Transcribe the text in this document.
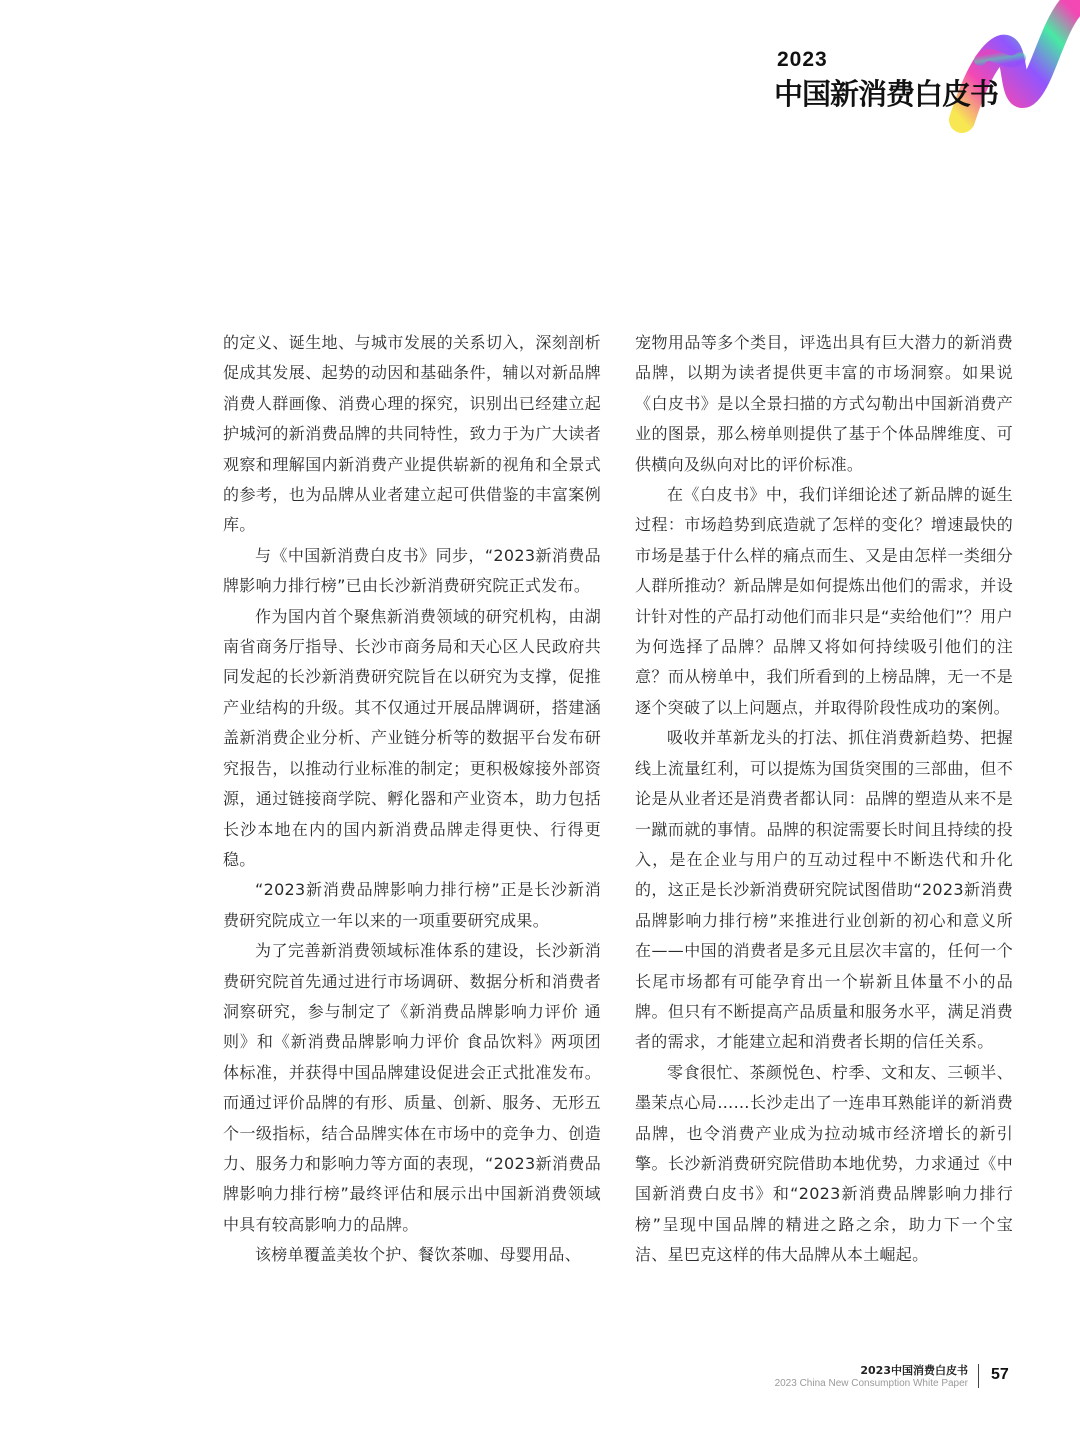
2023
中国新消费白皮书

的定义、诞生地、与城市发展的关系切入，深刻剖析促成其发展、起势的动因和基础条件，辅以对新品牌消费人群画像、消费心理的探究，识别出已经建立起护城河的新消费品牌的共同特性，致力于为广大读者观察和理解国内新消费产业提供崭新的视角和全景式的参考，也为品牌从业者建立起可供借鉴的丰富案例库。

与《中国新消费白皮书》同步，“2023新消费品牌影响力排行榜”已由长沙新消费研究院正式发布。

作为国内首个聚焦新消费领域的研究机构，由湖南省商务厅指导、长沙市商务局和天心区人民政府共同发起的长沙新消费研究院旨在以研究为支撑，促推产业结构的升级。其不仅通过开展品牌调研，搭建涵盖新消费企业分析、产业链分析等的数据平台发布研究报告，以推动行业标准的制定；更积极嫁接外部资源，通过链接商学院、孵化器和产业资本，助力包括长沙本地在内的国内新消费品牌走得更快、行得更稳。

“2023新消费品牌影响力排行榜”正是长沙新消费研究院成立一年以来的一项重要研究成果。

为了完善新消费领域标准体系的建设，长沙新消费研究院首先通过进行市场调研、数据分析和消费者洞察研究，参与制定了《新消费品牌影响力评价 通则》和《新消费品牌影响力评价 食品饮料》两项团体标准，并获得中国品牌建设促进会正式批准发布。而通过评价品牌的有形、质量、创新、服务、无形五个一级指标，结合品牌实体在市场中的竞争力、创造力、服务力和影响力等方面的表现，“2023新消费品牌影响力排行榜”最终评估和展示出中国新消费领域中具有较高影响力的品牌。

该榜单覆盖美妆个护、餐饮茶咖、母婴用品、

宠物用品等多个类目，评选出具有巨大潜力的新消费品牌，以期为读者提供更丰富的市场洞察。如果说《白皮书》是以全景扫描的方式勾勒出中国新消费产业的图景，那么榜单则提供了基于个体品牌维度、可供横向及纵向对比的评价标准。

在《白皮书》中，我们详细论述了新品牌的诞生过程：市场趋势到底造就了怎样的变化？增速最快的市场是基于什么样的痛点而生、又是由怎样一类细分人群所推动？新品牌是如何提炼出他们的需求，并设计针对性的产品打动他们而非只是“卖给他们”？用户为何选择了品牌？品牌又将如何持续吸引他们的注意？而从榜单中，我们所看到的上榜品牌，无一不是逐个突破了以上问题点，并取得阶段性成功的案例。

吸收并革新龙头的打法、抓住消费新趋势、把握线上流量红利，可以提炼为国货突围的三部曲，但不论是从业者还是消费者都认同：品牌的塑造从来不是一蹴而就的事情。品牌的积淀需要长时间且持续的投入，是在企业与用户的互动过程中不断迭代和升化的，这正是长沙新消费研究院试图借助“2023新消费品牌影响力排行榜”来推进行业创新的初心和意义所在——中国的消费者是多元且层次丰富的，任何一个长尾市场都有可能孕育出一个崭新且体量不小的品牌。但只有不断提高产品质量和服务水平，满足消费者的需求，才能建立起和消费者长期的信任关系。

零食很忙、茶颜悦色、柠季、文和友、三顿半、墨茉点心局……长沙走出了一连串耳熟能详的新消费品牌，也令消费产业成为拉动城市经济增长的新引擎。长沙新消费研究院借助本地优势，力求通过《中国新消费白皮书》和“2023新消费品牌影响力排行榜”呈现中国品牌的精进之路之余，助力下一个宝洁、星巴克这样的伟大品牌从本土崛起。

2023中国消费白皮书
2023 China New Consumption White Paper
57
